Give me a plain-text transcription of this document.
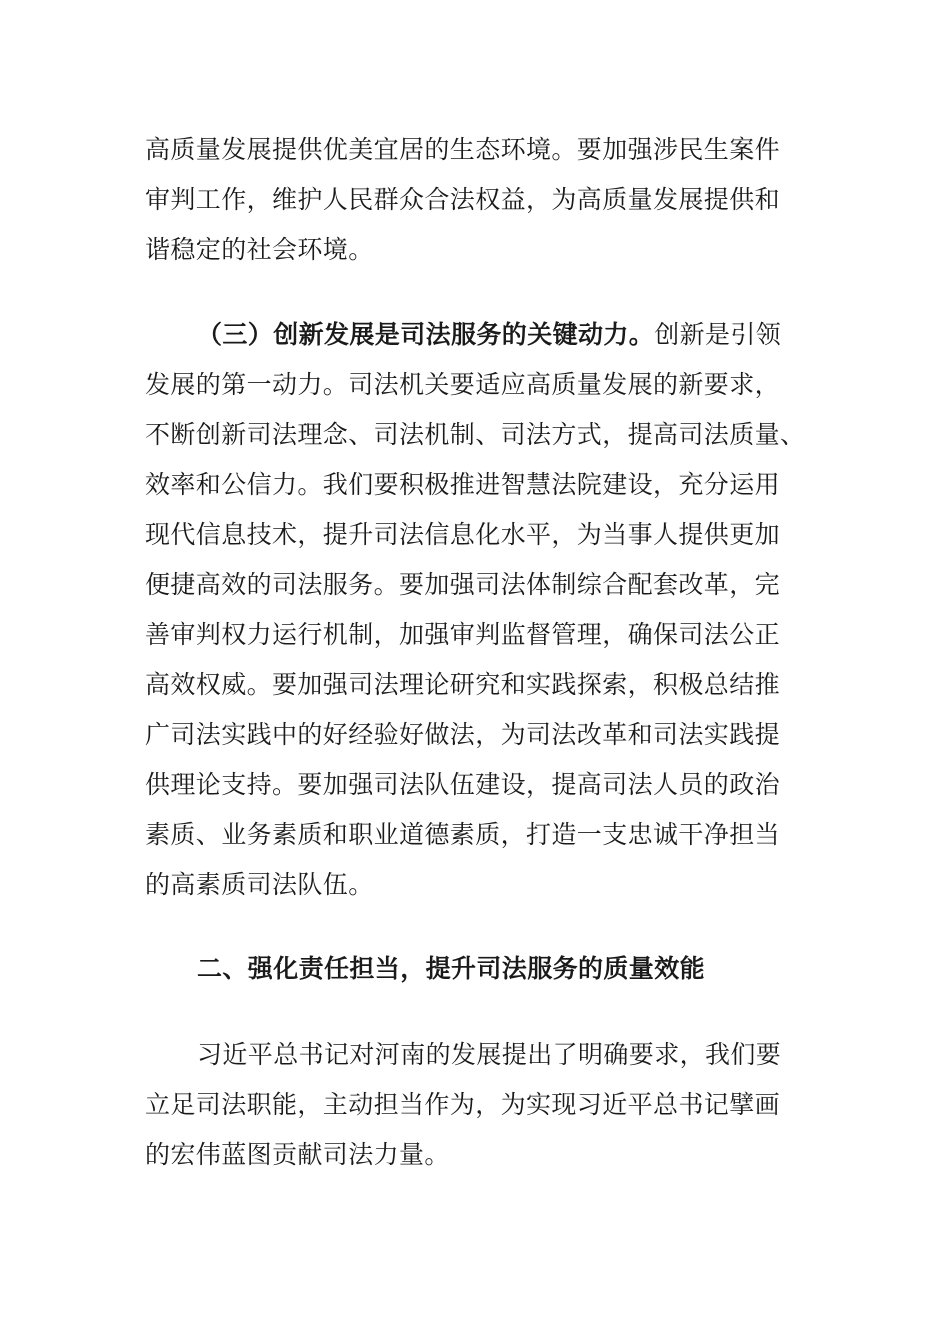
高质量发展提供优美宜居的生态环境。要加强涉民生案件
审判工作，维护人民群众合法权益，为高质量发展提供和
谐稳定的社会环境。
（三）创新发展是司法服务的关键动力。创新是引领
发展的第一动力。司法机关要适应高质量发展的新要求，
不断创新司法理念、司法机制、司法方式，提高司法质量、
效率和公信力。我们要积极推进智慧法院建设，充分运用
现代信息技术，提升司法信息化水平，为当事人提供更加
便捷高效的司法服务。要加强司法体制综合配套改革，完
善审判权力运行机制，加强审判监督管理，确保司法公正
高效权威。要加强司法理论研究和实践探索，积极总结推
广司法实践中的好经验好做法，为司法改革和司法实践提
供理论支持。要加强司法队伍建设，提高司法人员的政治
素质、业务素质和职业道德素质，打造一支忠诚干净担当
的高素质司法队伍。
二、强化责任担当，提升司法服务的质量效能
习近平总书记对河南的发展提出了明确要求，我们要
立足司法职能，主动担当作为，为实现习近平总书记擘画
的宏伟蓝图贡献司法力量。
